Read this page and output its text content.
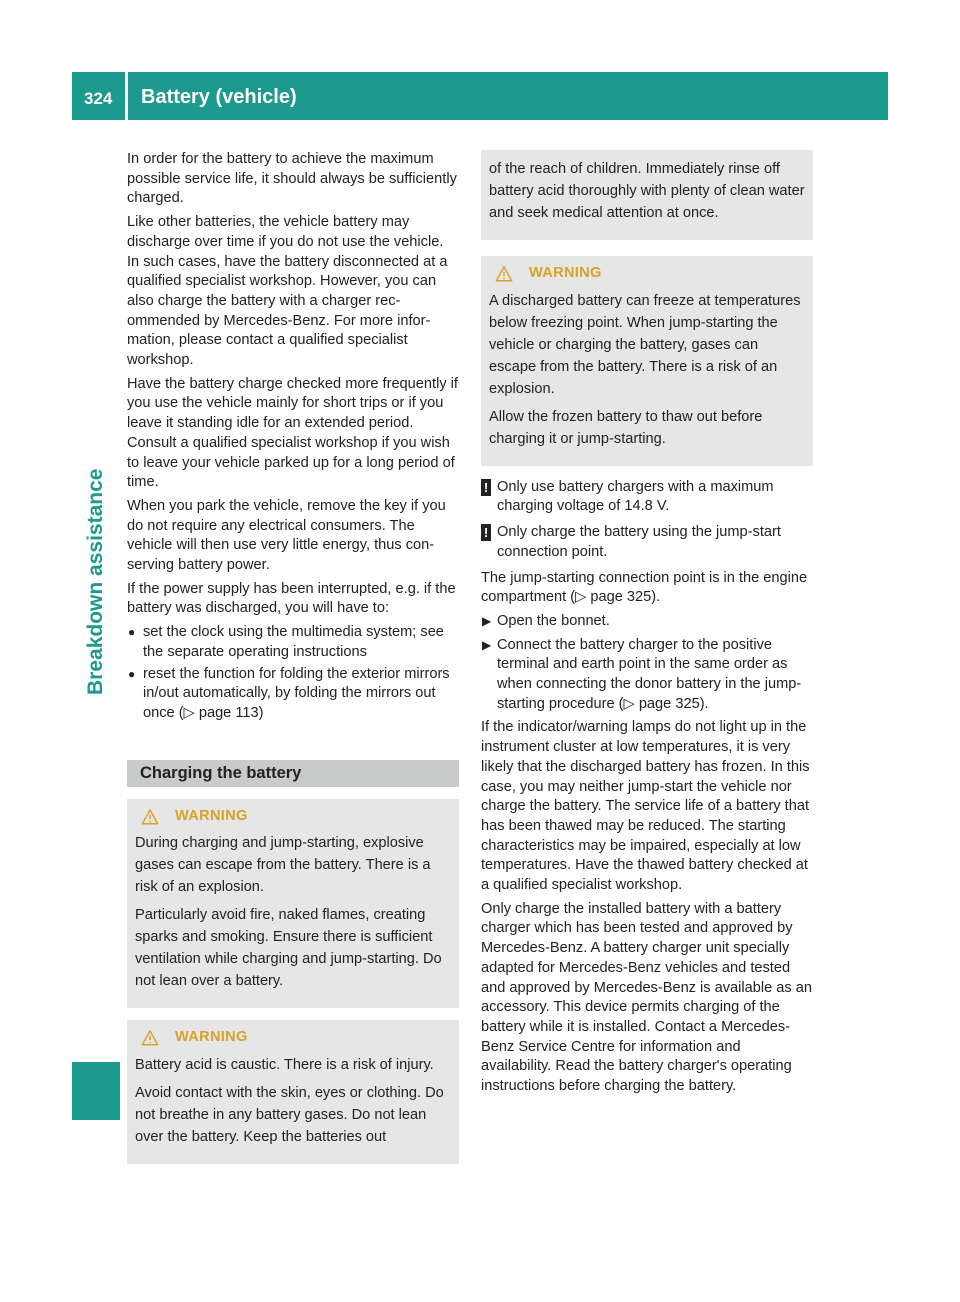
324 Battery (vehicle)
Breakdown assistance

In order for the battery to achieve the maximum possible service life, it should always be sufficiently charged.

Like other batteries, the vehicle battery may discharge over time if you do not use the vehicle. In such cases, have the battery disconnected at a qualified specialist workshop. However, you can also charge the battery with a charger recommended by Mercedes-Benz. For more information, please contact a qualified specialist workshop.

Have the battery charge checked more frequently if you use the vehicle mainly for short trips or if you leave it standing idle for an extended period. Consult a qualified specialist workshop if you wish to leave your vehicle parked up for a long period of time.

When you park the vehicle, remove the key if you do not require any electrical consumers. The vehicle will then use very little energy, thus conserving battery power.

If the power supply has been interrupted, e.g. if the battery was discharged, you will have to:

● set the clock using the multimedia system; see the separate operating instructions
● reset the function for folding the exterior mirrors in/out automatically, by folding the mirrors out once (▷ page 113)
Charging the battery
WARNING

During charging and jump-starting, explosive gases can escape from the battery. There is a risk of an explosion.

Particularly avoid fire, naked flames, creating sparks and smoking. Ensure there is sufficient ventilation while charging and jump-starting. Do not lean over a battery.

WARNING

Battery acid is caustic. There is a risk of injury.

Avoid contact with the skin, eyes or clothing. Do not breathe in any battery gases. Do not lean over the battery. Keep the batteries out

of the reach of children. Immediately rinse off battery acid thoroughly with plenty of clean water and seek medical attention at once.

WARNING

A discharged battery can freeze at temperatures below freezing point. When jump-starting the vehicle or charging the battery, gases can escape from the battery. There is a risk of an explosion.

Allow the frozen battery to thaw out before charging it or jump-starting.

! Only use battery chargers with a maximum charging voltage of 14.8 V.
! Only charge the battery using the jump-start connection point.

The jump-starting connection point is in the engine compartment (▷ page 325).

▶ Open the bonnet.
▶ Connect the battery charger to the positive terminal and earth point in the same order as when connecting the donor battery in the jump-starting procedure (▷ page 325).

If the indicator/warning lamps do not light up in the instrument cluster at low temperatures, it is very likely that the discharged battery has frozen. In this case, you may neither jump-start the vehicle nor charge the battery. The service life of a battery that has been thawed may be reduced. The starting characteristics may be impaired, especially at low temperatures. Have the thawed battery checked at a qualified specialist workshop.

Only charge the installed battery with a battery charger which has been tested and approved by Mercedes-Benz. A battery charger unit specially adapted for Mercedes-Benz vehicles and tested and approved by Mercedes-Benz is available as an accessory. This device permits charging of the battery while it is installed. Contact a Mercedes-Benz Service Centre for information and availability. Read the battery charger's operating instructions before charging the battery.
